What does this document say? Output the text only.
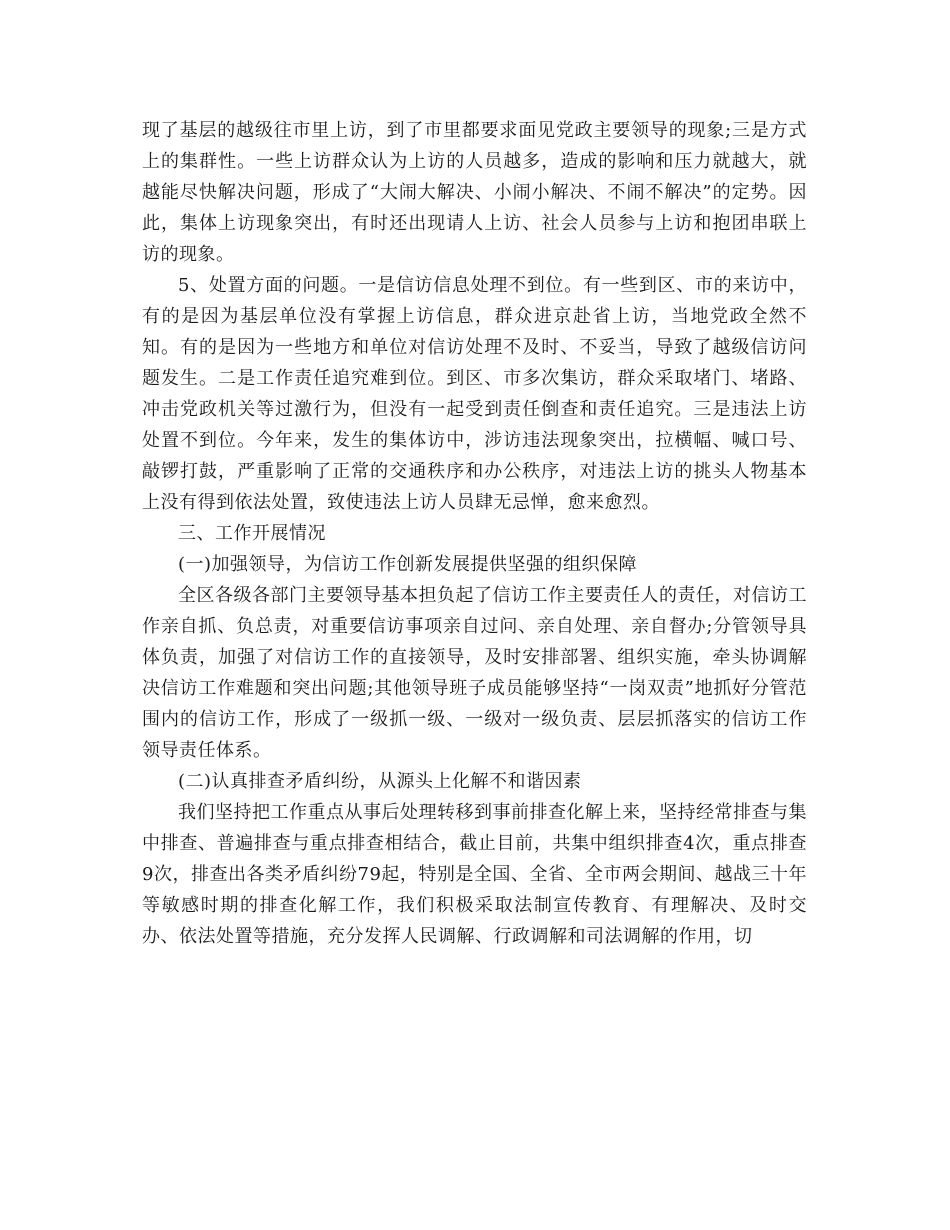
现了基层的越级往市里上访，到了市里都要求面见党政主要领导的现象;三是方式上的集群性。一些上访群众认为上访的人员越多，造成的影响和压力就越大，就越能尽快解决问题，形成了“大闹大解决、小闹小解决、不闹不解决”的定势。因此，集体上访现象突出，有时还出现请人上访、社会人员参与上访和抱团串联上访的现象。

5、处置方面的问题。一是信访信息处理不到位。有一些到区、市的来访中，有的是因为基层单位没有掌握上访信息，群众进京赴省上访，当地党政全然不知。有的是因为一些地方和单位对信访处理不及时、不妥当，导致了越级信访问题发生。二是工作责任追究难到位。到区、市多次集访，群众采取堵门、堵路、冲击党政机关等过激行为，但没有一起受到责任倒查和责任追究。三是违法上访处置不到位。今年来，发生的集体访中，涉访违法现象突出，拉横幅、喊口号、敲锣打鼓，严重影响了正常的交通秩序和办公秩序，对违法上访的挑头人物基本上没有得到依法处置，致使违法上访人员肆无忌惮，愈来愈烈。

三、工作开展情况

(一)加强领导，为信访工作创新发展提供坚强的组织保障

全区各级各部门主要领导基本担负起了信访工作主要责任人的责任，对信访工作亲自抓、负总责，对重要信访事项亲自过问、亲自处理、亲自督办;分管领导具体负责，加强了对信访工作的直接领导，及时安排部署、组织实施，牵头协调解决信访工作难题和突出问题;其他领导班子成员能够坚持“一岗双责”地抓好分管范围内的信访工作，形成了一级抓一级、一级对一级负责、层层抓落实的信访工作领导责任体系。

(二)认真排查矛盾纠纷，从源头上化解不和谐因素

我们坚持把工作重点从事后处理转移到事前排查化解上来，坚持经常排查与集中排查、普遍排查与重点排查相结合，截止目前，共集中组织排查4次，重点排查9次，排查出各类矛盾纠纷79起，特别是全国、全省、全市两会期间、越战三十年等敏感时期的排查化解工作，我们积极采取法制宣传教育、有理解决、及时交办、依法处置等措施，充分发挥人民调解、行政调解和司法调解的作用，切
